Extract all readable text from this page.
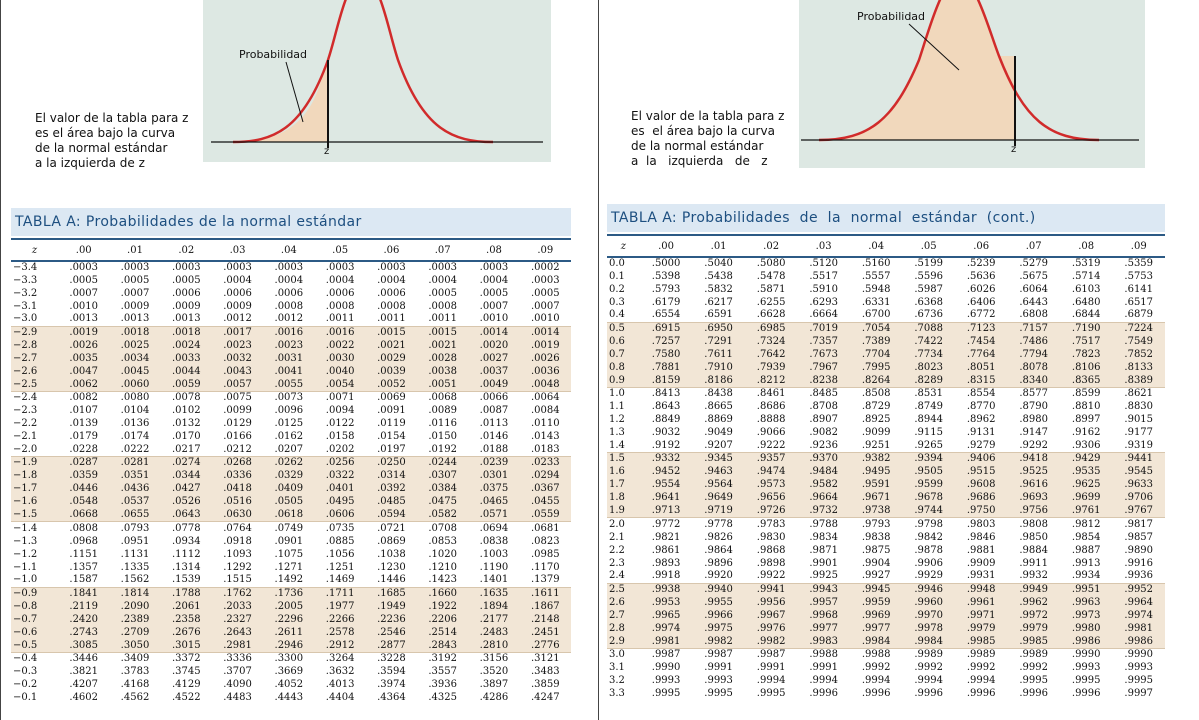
Probabilidad
z
El valor de la tabla para z
es el área bajo la curva
de la normal estándar
a la izquierda de z
TABLA A: Probabilidades de la normal estándar
z	.00	.01	.02	.03	.04	.05	.06	.07	.08	.09
−3.4	.0003	.0003	.0003	.0003	.0003	.0003	.0003	.0003	.0003	.0002
−3.3	.0005	.0005	.0005	.0004	.0004	.0004	.0004	.0004	.0004	.0003
−3.2	.0007	.0007	.0006	.0006	.0006	.0006	.0006	.0005	.0005	.0005
−3.1	.0010	.0009	.0009	.0009	.0008	.0008	.0008	.0008	.0007	.0007
−3.0	.0013	.0013	.0013	.0012	.0012	.0011	.0011	.0011	.0010	.0010
−2.9	.0019	.0018	.0018	.0017	.0016	.0016	.0015	.0015	.0014	.0014
−2.8	.0026	.0025	.0024	.0023	.0023	.0022	.0021	.0021	.0020	.0019
−2.7	.0035	.0034	.0033	.0032	.0031	.0030	.0029	.0028	.0027	.0026
−2.6	.0047	.0045	.0044	.0043	.0041	.0040	.0039	.0038	.0037	.0036
−2.5	.0062	.0060	.0059	.0057	.0055	.0054	.0052	.0051	.0049	.0048
−2.4	.0082	.0080	.0078	.0075	.0073	.0071	.0069	.0068	.0066	.0064
−2.3	.0107	.0104	.0102	.0099	.0096	.0094	.0091	.0089	.0087	.0084
−2.2	.0139	.0136	.0132	.0129	.0125	.0122	.0119	.0116	.0113	.0110
−2.1	.0179	.0174	.0170	.0166	.0162	.0158	.0154	.0150	.0146	.0143
−2.0	.0228	.0222	.0217	.0212	.0207	.0202	.0197	.0192	.0188	.0183
−1.9	.0287	.0281	.0274	.0268	.0262	.0256	.0250	.0244	.0239	.0233
−1.8	.0359	.0351	.0344	.0336	.0329	.0322	.0314	.0307	.0301	.0294
−1.7	.0446	.0436	.0427	.0418	.0409	.0401	.0392	.0384	.0375	.0367
−1.6	.0548	.0537	.0526	.0516	.0505	.0495	.0485	.0475	.0465	.0455
−1.5	.0668	.0655	.0643	.0630	.0618	.0606	.0594	.0582	.0571	.0559
−1.4	.0808	.0793	.0778	.0764	.0749	.0735	.0721	.0708	.0694	.0681
−1.3	.0968	.0951	.0934	.0918	.0901	.0885	.0869	.0853	.0838	.0823
−1.2	.1151	.1131	.1112	.1093	.1075	.1056	.1038	.1020	.1003	.0985
−1.1	.1357	.1335	.1314	.1292	.1271	.1251	.1230	.1210	.1190	.1170
−1.0	.1587	.1562	.1539	.1515	.1492	.1469	.1446	.1423	.1401	.1379
−0.9	.1841	.1814	.1788	.1762	.1736	.1711	.1685	.1660	.1635	.1611
−0.8	.2119	.2090	.2061	.2033	.2005	.1977	.1949	.1922	.1894	.1867
−0.7	.2420	.2389	.2358	.2327	.2296	.2266	.2236	.2206	.2177	.2148
−0.6	.2743	.2709	.2676	.2643	.2611	.2578	.2546	.2514	.2483	.2451
−0.5	.3085	.3050	.3015	.2981	.2946	.2912	.2877	.2843	.2810	.2776
−0.4	.3446	.3409	.3372	.3336	.3300	.3264	.3228	.3192	.3156	.3121
−0.3	.3821	.3783	.3745	.3707	.3669	.3632	.3594	.3557	.3520	.3483
−0.2	.4207	.4168	.4129	.4090	.4052	.4013	.3974	.3936	.3897	.3859
−0.1	.4602	.4562	.4522	.4483	.4443	.4404	.4364	.4325	.4286	.4247
Probabilidad
z
El valor de la tabla para z
es  el área bajo la curva
de la normal estándar
a  la   izquierda   de   z
TABLA A: Probabilidades  de  la  normal  estándar  (cont.)
z	.00	.01	.02	.03	.04	.05	.06	.07	.08	.09
0.0	.5000	.5040	.5080	.5120	.5160	.5199	.5239	.5279	.5319	.5359
0.1	.5398	.5438	.5478	.5517	.5557	.5596	.5636	.5675	.5714	.5753
0.2	.5793	.5832	.5871	.5910	.5948	.5987	.6026	.6064	.6103	.6141
0.3	.6179	.6217	.6255	.6293	.6331	.6368	.6406	.6443	.6480	.6517
0.4	.6554	.6591	.6628	.6664	.6700	.6736	.6772	.6808	.6844	.6879
0.5	.6915	.6950	.6985	.7019	.7054	.7088	.7123	.7157	.7190	.7224
0.6	.7257	.7291	.7324	.7357	.7389	.7422	.7454	.7486	.7517	.7549
0.7	.7580	.7611	.7642	.7673	.7704	.7734	.7764	.7794	.7823	.7852
0.8	.7881	.7910	.7939	.7967	.7995	.8023	.8051	.8078	.8106	.8133
0.9	.8159	.8186	.8212	.8238	.8264	.8289	.8315	.8340	.8365	.8389
1.0	.8413	.8438	.8461	.8485	.8508	.8531	.8554	.8577	.8599	.8621
1.1	.8643	.8665	.8686	.8708	.8729	.8749	.8770	.8790	.8810	.8830
1.2	.8849	.8869	.8888	.8907	.8925	.8944	.8962	.8980	.8997	.9015
1.3	.9032	.9049	.9066	.9082	.9099	.9115	.9131	.9147	.9162	.9177
1.4	.9192	.9207	.9222	.9236	.9251	.9265	.9279	.9292	.9306	.9319
1.5	.9332	.9345	.9357	.9370	.9382	.9394	.9406	.9418	.9429	.9441
1.6	.9452	.9463	.9474	.9484	.9495	.9505	.9515	.9525	.9535	.9545
1.7	.9554	.9564	.9573	.9582	.9591	.9599	.9608	.9616	.9625	.9633
1.8	.9641	.9649	.9656	.9664	.9671	.9678	.9686	.9693	.9699	.9706
1.9	.9713	.9719	.9726	.9732	.9738	.9744	.9750	.9756	.9761	.9767
2.0	.9772	.9778	.9783	.9788	.9793	.9798	.9803	.9808	.9812	.9817
2.1	.9821	.9826	.9830	.9834	.9838	.9842	.9846	.9850	.9854	.9857
2.2	.9861	.9864	.9868	.9871	.9875	.9878	.9881	.9884	.9887	.9890
2.3	.9893	.9896	.9898	.9901	.9904	.9906	.9909	.9911	.9913	.9916
2.4	.9918	.9920	.9922	.9925	.9927	.9929	.9931	.9932	.9934	.9936
2.5	.9938	.9940	.9941	.9943	.9945	.9946	.9948	.9949	.9951	.9952
2.6	.9953	.9955	.9956	.9957	.9959	.9960	.9961	.9962	.9963	.9964
2.7	.9965	.9966	.9967	.9968	.9969	.9970	.9971	.9972	.9973	.9974
2.8	.9974	.9975	.9976	.9977	.9977	.9978	.9979	.9979	.9980	.9981
2.9	.9981	.9982	.9982	.9983	.9984	.9984	.9985	.9985	.9986	.9986
3.0	.9987	.9987	.9987	.9988	.9988	.9989	.9989	.9989	.9990	.9990
3.1	.9990	.9991	.9991	.9991	.9992	.9992	.9992	.9992	.9993	.9993
3.2	.9993	.9993	.9994	.9994	.9994	.9994	.9994	.9995	.9995	.9995
3.3	.9995	.9995	.9995	.9996	.9996	.9996	.9996	.9996	.9996	.9997
